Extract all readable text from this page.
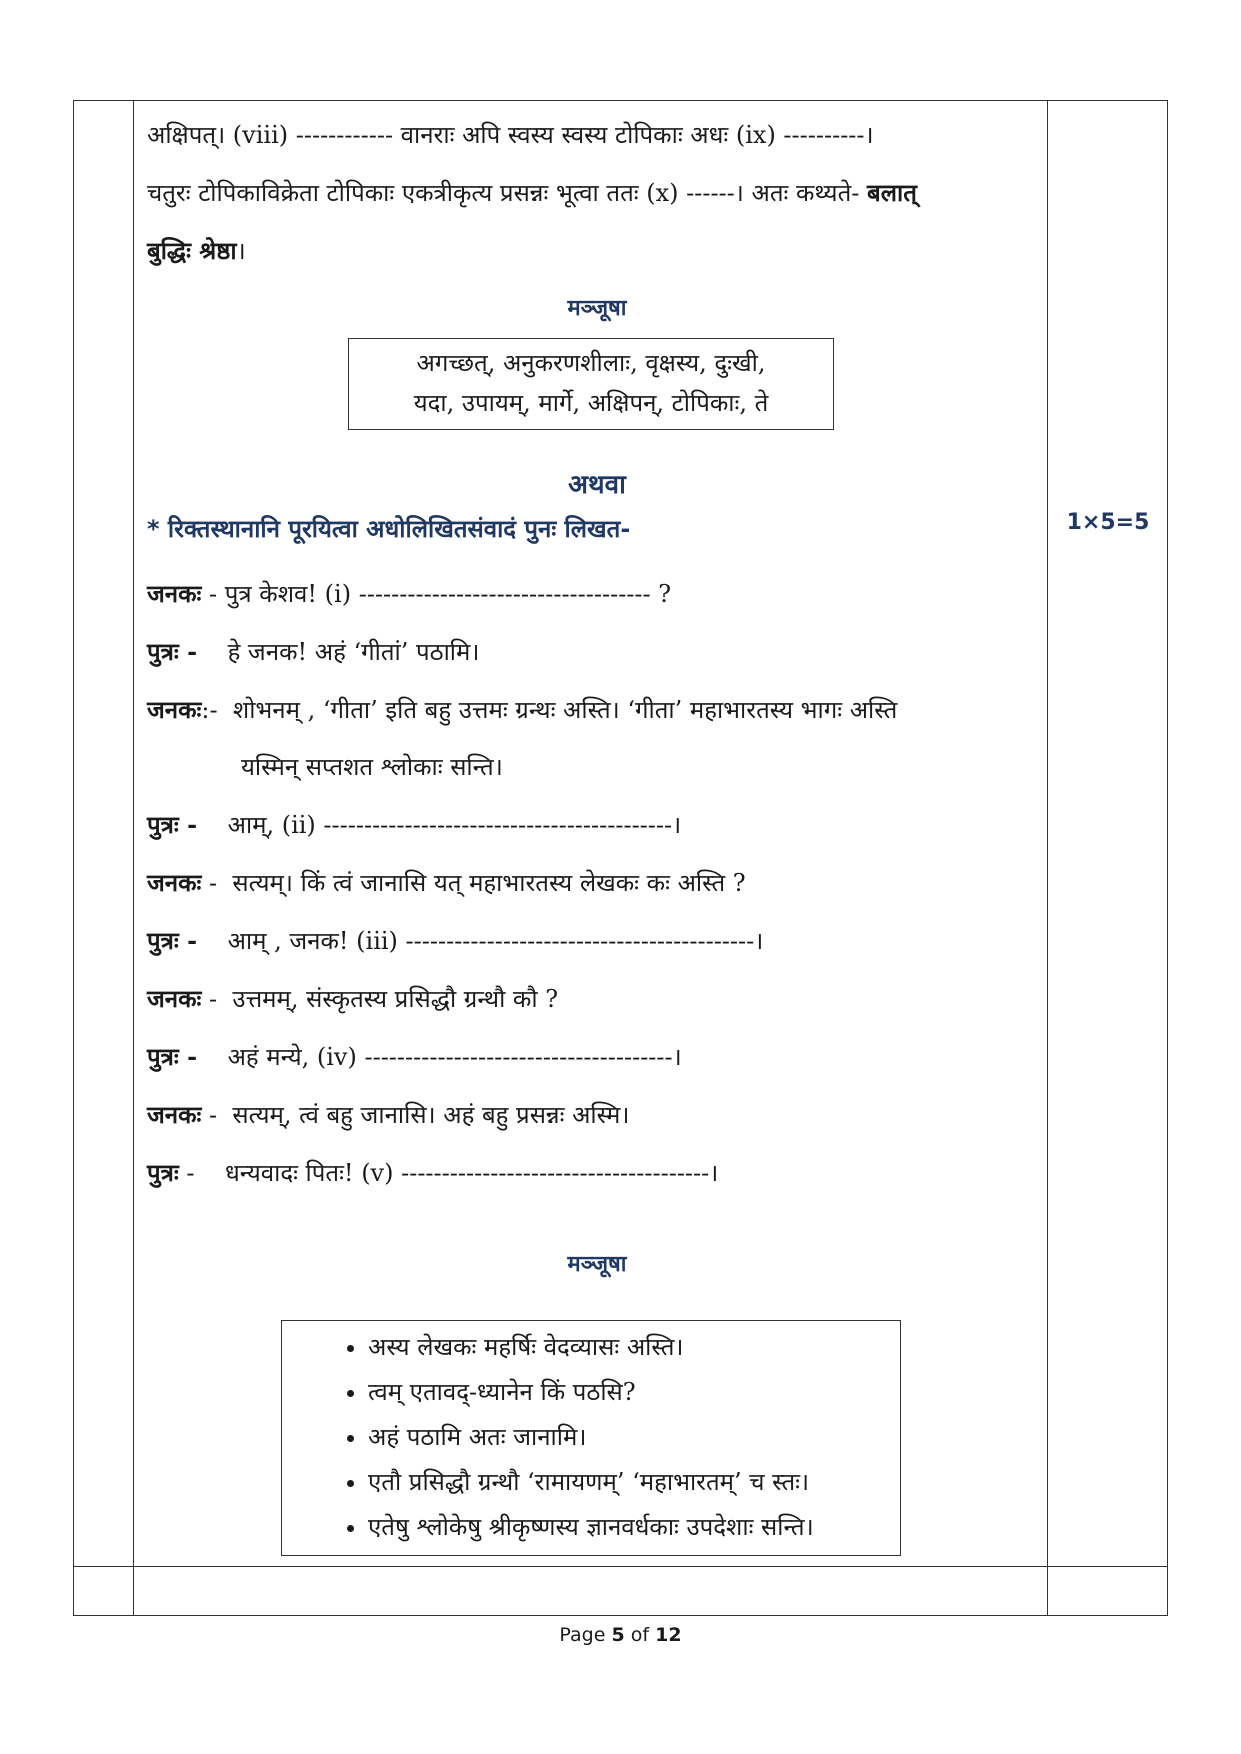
अक्षिपत्। (viii) ------------ वानराः अपि स्वस्य स्वस्य टोपिकाः अधः (ix) ----------।

चतुरः टोपिकाविक्रेता टोपिकाः एकत्रीकृत्य प्रसन्नः भूत्वा ततः (x) ------। अतः कथ्यते- बलात्

बुद्धिः श्रेष्ठा।

मञ्जूषा

अगच्छत्, अनुकरणशीलाः, वृक्षस्य, दुःखी,
यदा, उपायम्, मार्गे, अक्षिपन्, टोपिकाः, ते
अथवा
* रिक्तस्थानानि पूरयित्वा अधोलिखितसंवादं पुनः लिखत-	1×5=5

जनकः - पुत्र केशव! (i) ------------------------------------ ?

पुत्रः - हे जनक! अहं ‘गीतां’ पठामि।

जनकः:-  शोभनम् , ‘गीता’ इति बहु उत्तमः ग्रन्थः अस्ति। ‘गीता’ महाभारतस्य भागः अस्ति

यस्मिन् सप्तशत श्लोकाः सन्ति।

पुत्रः - आम्, (ii) -------------------------------------------।

जनकः -  सत्यम्। किं त्वं जानासि यत् महाभारतस्य लेखकः कः अस्ति ?

पुत्रः - आम् , जनक! (iii) -------------------------------------------।

जनकः -  उत्तमम्, संस्कृतस्य प्रसिद्धौ ग्रन्थौ कौ ?

पुत्रः - अहं मन्ये, (iv) --------------------------------------।

जनकः -  सत्यम्, त्वं बहु जानासि। अहं बहु प्रसन्नः अस्मि।

पुत्रः -    धन्यवादः पितः! (v) --------------------------------------।

मञ्जूषा
• अस्य लेखकः महर्षिः वेदव्यासः अस्ति।
• त्वम् एतावद्-ध्यानेन किं पठसि?
• अहं पठामि अतः जानामि।
• एतौ प्रसिद्धौ ग्रन्थौ ‘रामायणम्’ ‘महाभारतम्’ च स्तः।
• एतेषु श्लोकेषु श्रीकृष्णस्य ज्ञानवर्धकाः उपदेशाः सन्ति।
Page 5 of 12
